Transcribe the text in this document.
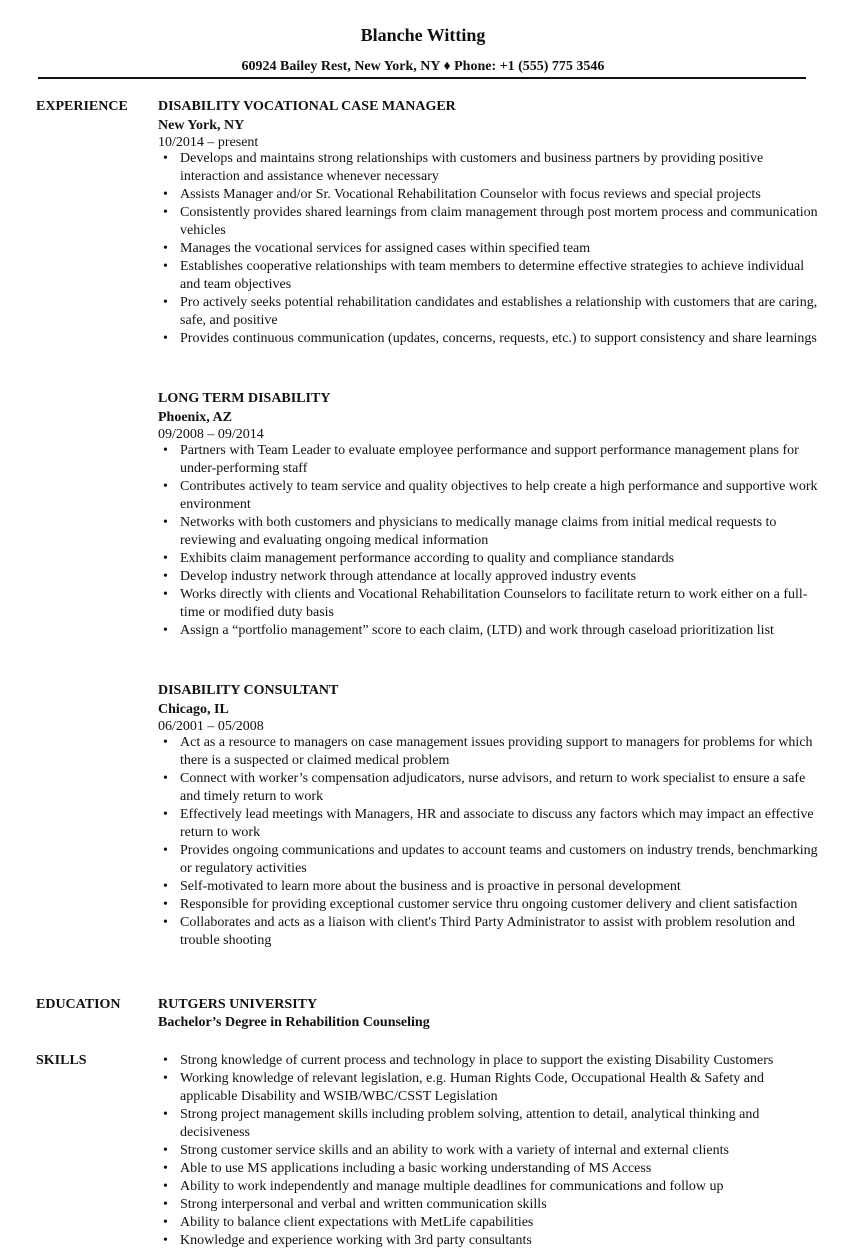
Blanche Witting
60924 Bailey Rest, New York, NY ♦ Phone: +1 (555) 775 3546
EXPERIENCE DISABILITY VOCATIONAL CASE MANAGER
New York, NY
10/2014 – present
• Develops and maintains strong relationships with customers and business partners by providing positive interaction and assistance whenever necessary
• Assists Manager and/or Sr. Vocational Rehabilitation Counselor with focus reviews and special projects
• Consistently provides shared learnings from claim management through post mortem process and communication vehicles
• Manages the vocational services for assigned cases within specified team
• Establishes cooperative relationships with team members to determine effective strategies to achieve individual and team objectives
• Pro actively seeks potential rehabilitation candidates and establishes a relationship with customers that are caring, safe, and positive
• Provides continuous communication (updates, concerns, requests, etc.) to support consistency and share learnings
LONG TERM DISABILITY
Phoenix, AZ
09/2008 – 09/2014
• Partners with Team Leader to evaluate employee performance and support performance management plans for under-performing staff
• Contributes actively to team service and quality objectives to help create a high performance and supportive work environment
• Networks with both customers and physicians to medically manage claims from initial medical requests to reviewing and evaluating ongoing medical information
• Exhibits claim management performance according to quality and compliance standards
• Develop industry network through attendance at locally approved industry events
• Works directly with clients and Vocational Rehabilitation Counselors to facilitate return to work either on a full-time or modified duty basis
• Assign a “portfolio management” score to each claim, (LTD) and work through caseload prioritization list
DISABILITY CONSULTANT
Chicago, IL
06/2001 – 05/2008
• Act as a resource to managers on case management issues providing support to managers for problems for which there is a suspected or claimed medical problem
• Connect with worker’s compensation adjudicators, nurse advisors, and return to work specialist to ensure a safe and timely return to work
• Effectively lead meetings with Managers, HR and associate to discuss any factors which may impact an effective return to work
• Provides ongoing communications and updates to account teams and customers on industry trends, benchmarking or regulatory activities
• Self-motivated to learn more about the business and is proactive in personal development
• Responsible for providing exceptional customer service thru ongoing customer delivery and client satisfaction
• Collaborates and acts as a liaison with client's Third Party Administrator to assist with problem resolution and trouble shooting
EDUCATION	RUTGERS UNIVERSITY
Bachelor’s Degree in Rehabilition Counseling
SKILLS
•	Strong knowledge of current process and technology in place to support the existing Disability Customers
• Working knowledge of relevant legislation, e.g. Human Rights Code, Occupational Health & Safety and applicable Disability and WSIB/WBC/CSST Legislation
• Strong project management skills including problem solving, attention to detail, analytical thinking and decisiveness
• Strong customer service skills and an ability to work with a variety of internal and external clients
• Able to use MS applications including a basic working understanding of MS Access
• Ability to work independently and manage multiple deadlines for communications and follow up
• Strong interpersonal and verbal and written communication skills
• Ability to balance client expectations with MetLife capabilities
• Knowledge and experience working with 3rd party consultants
